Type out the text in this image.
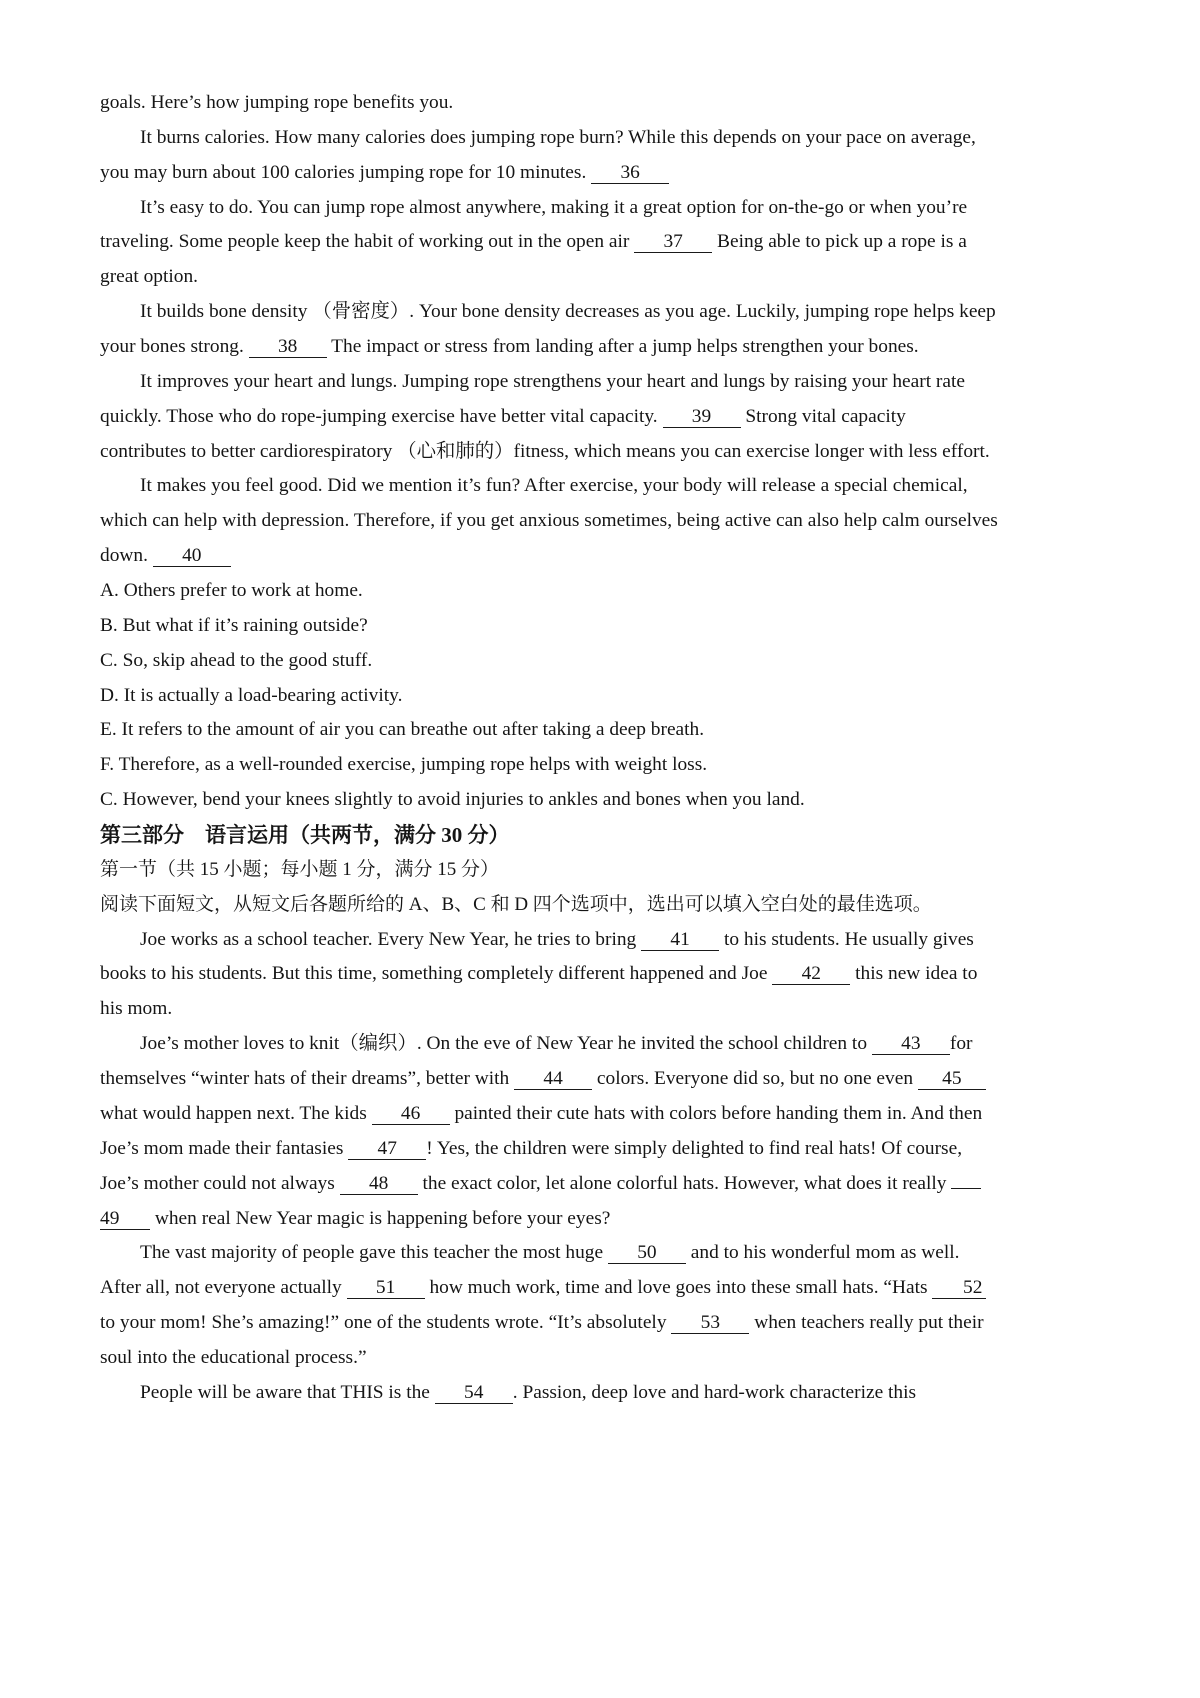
goals. Here’s how jumping rope benefits you.
It burns calories. How many calories does jumping rope burn? While this depends on your pace on average,
you may burn about 100 calories jumping rope for 10 minutes. 36
It’s easy to do. You can jump rope almost anywhere, making it a great option for on-the-go or when you’re
traveling. Some people keep the habit of working out in the open air 37 Being able to pick up a rope is a
great option.
It builds bone density （骨密度）. Your bone density decreases as you age. Luckily, jumping rope helps keep
your bones strong. 38 The impact or stress from landing after a jump helps strengthen your bones.
It improves your heart and lungs. Jumping rope strengthens your heart and lungs by raising your heart rate
quickly. Those who do rope-jumping exercise have better vital capacity. 39 Strong vital capacity
contributes to better cardiorespiratory （心和肺的）fitness, which means you can exercise longer with less effort.
It makes you feel good. Did we mention it’s fun? After exercise, your body will release a special chemical,
which can help with depression. Therefore, if you get anxious sometimes, being active can also help calm ourselves
down. 40
A. Others prefer to work at home.
B. But what if it’s raining outside?
C. So, skip ahead to the good stuff.
D. It is actually a load-bearing activity.
E. It refers to the amount of air you can breathe out after taking a deep breath.
F. Therefore, as a well-rounded exercise, jumping rope helps with weight loss.
C. However, bend your knees slightly to avoid injuries to ankles and bones when you land.
第三部分　语言运用（共两节，满分 30 分）
第一节（共 15 小题；每小题 1 分，满分 15 分）
阅读下面短文，从短文后各题所给的 A、B、C 和 D 四个选项中，选出可以填入空白处的最佳选项。
Joe works as a school teacher. Every New Year, he tries to bring 41 to his students. He usually gives
books to his students. But this time, something completely different happened and Joe 42 this new idea to
his mom.
Joe’s mother loves to knit（编织）. On the eve of New Year he invited the school children to 43 for
themselves “winter hats of their dreams”, better with 44 colors. Everyone did so, but no one even 45
what would happen next. The kids 46 painted their cute hats with colors before handing them in. And then
Joe’s mom made their fantasies 47 ! Yes, the children were simply delighted to find real hats! Of course,
Joe’s mother could not always 48 the exact color, let alone colorful hats. However, what does it really
49 when real New Year magic is happening before your eyes?
The vast majority of people gave this teacher the most huge 50 and to his wonderful mom as well.
After all, not everyone actually 51 how much work, time and love goes into these small hats. “Hats 52
to your mom! She’s amazing!” one of the students wrote. “It’s absolutely 53 when teachers really put their
soul into the educational process.”
People will be aware that THIS is the 54 . Passion, deep love and hard-work characterize this
